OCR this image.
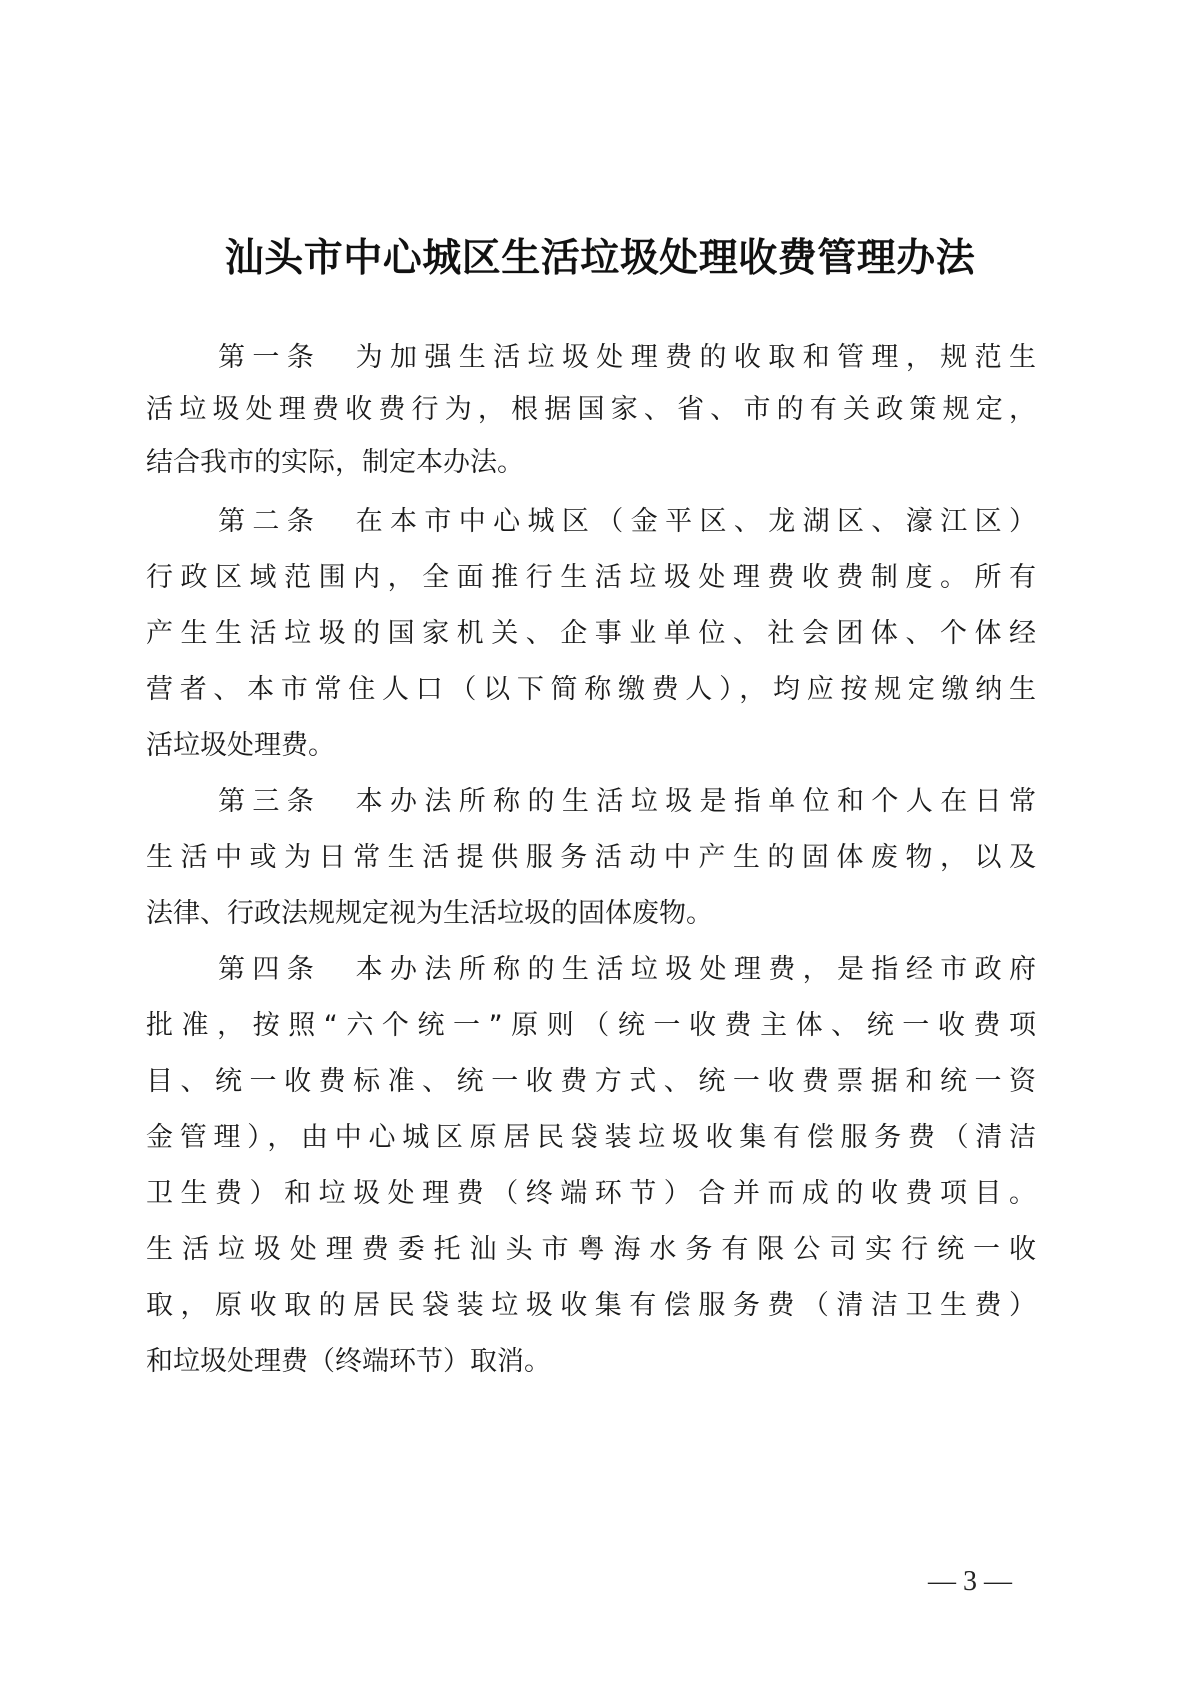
汕头市中心城区生活垃圾处理收费管理办法
第一条　为加强生活垃圾处理费的收取和管理，规范生
活垃圾处理费收费行为，根据国家、省、市的有关政策规定，
结合我市的实际，制定本办法。
第二条　在本市中心城区（金平区、龙湖区、濠江区）
行政区域范围内，全面推行生活垃圾处理费收费制度。所有
产生生活垃圾的国家机关、企事业单位、社会团体、个体经
营者、本市常住人口（以下简称缴费人），均应按规定缴纳生
活垃圾处理费。
第三条　本办法所称的生活垃圾是指单位和个人在日常
生活中或为日常生活提供服务活动中产生的固体废物，以及
法律、行政法规规定视为生活垃圾的固体废物。
第四条　本办法所称的生活垃圾处理费，是指经市政府
批准，按照“六个统一”原则（统一收费主体、统一收费项
目、统一收费标准、统一收费方式、统一收费票据和统一资
金管理），由中心城区原居民袋装垃圾收集有偿服务费（清洁
卫生费）和垃圾处理费（终端环节）合并而成的收费项目。
生活垃圾处理费委托汕头市粤海水务有限公司实行统一收
取，原收取的居民袋装垃圾收集有偿服务费（清洁卫生费）
和垃圾处理费（终端环节）取消。
— 3 —
